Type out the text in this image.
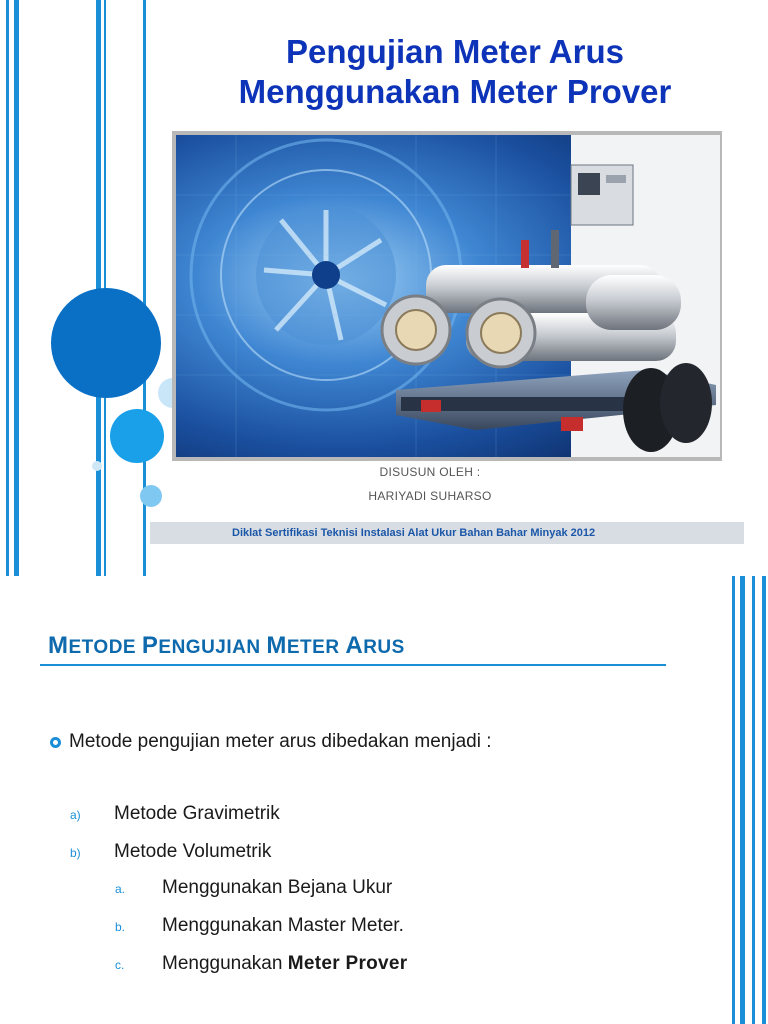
Pengujian Meter Arus
Menggunakan Meter Prover
DISUSUN OLEH :
HARIYADI SUHARSO
Diklat Sertifikasi Teknisi Instalasi Alat Ukur Bahan Bahar Minyak 2012
METODE PENGUJIAN METER ARUS
Metode pengujian meter arus dibedakan menjadi :
a)	Metode Gravimetrik
b)	Metode Volumetrik
a.	Menggunakan Bejana Ukur
b.	Menggunakan Master Meter.
c.	Menggunakan Meter Prover
